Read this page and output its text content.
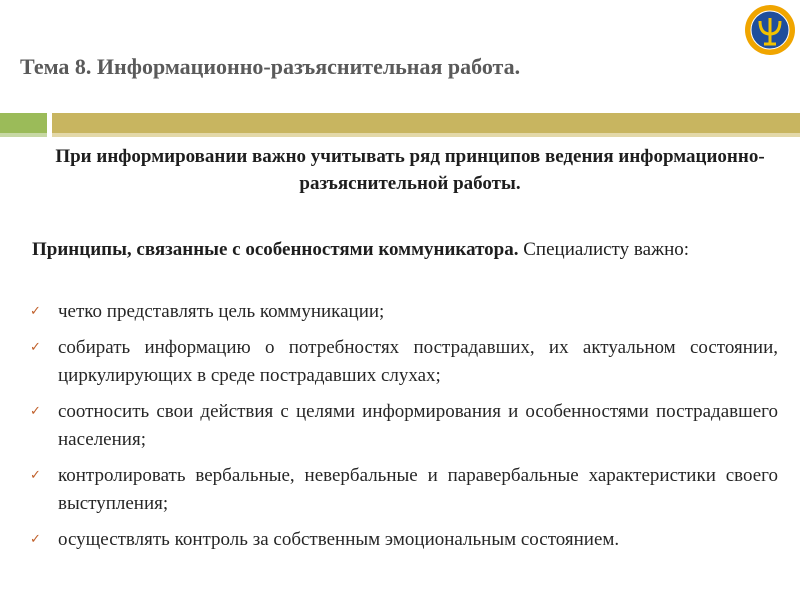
Тема 8. Информационно-разъяснительная работа.
При информировании важно учитывать ряд принципов ведения информационно-разъяснительной работы.
Принципы, связанные с особенностями коммуникатора. Специалисту важно:
✓ четко представлять цель коммуникации;
✓ собирать информацию о потребностях пострадавших, их актуальном состоянии, циркулирующих в среде пострадавших слухах;
✓ соотносить свои действия с целями информирования и особенностями пострадавшего населения;
✓ контролировать вербальные, невербальные и паравербальные характеристики своего выступления;
✓ осуществлять контроль за собственным эмоциональным состоянием.
